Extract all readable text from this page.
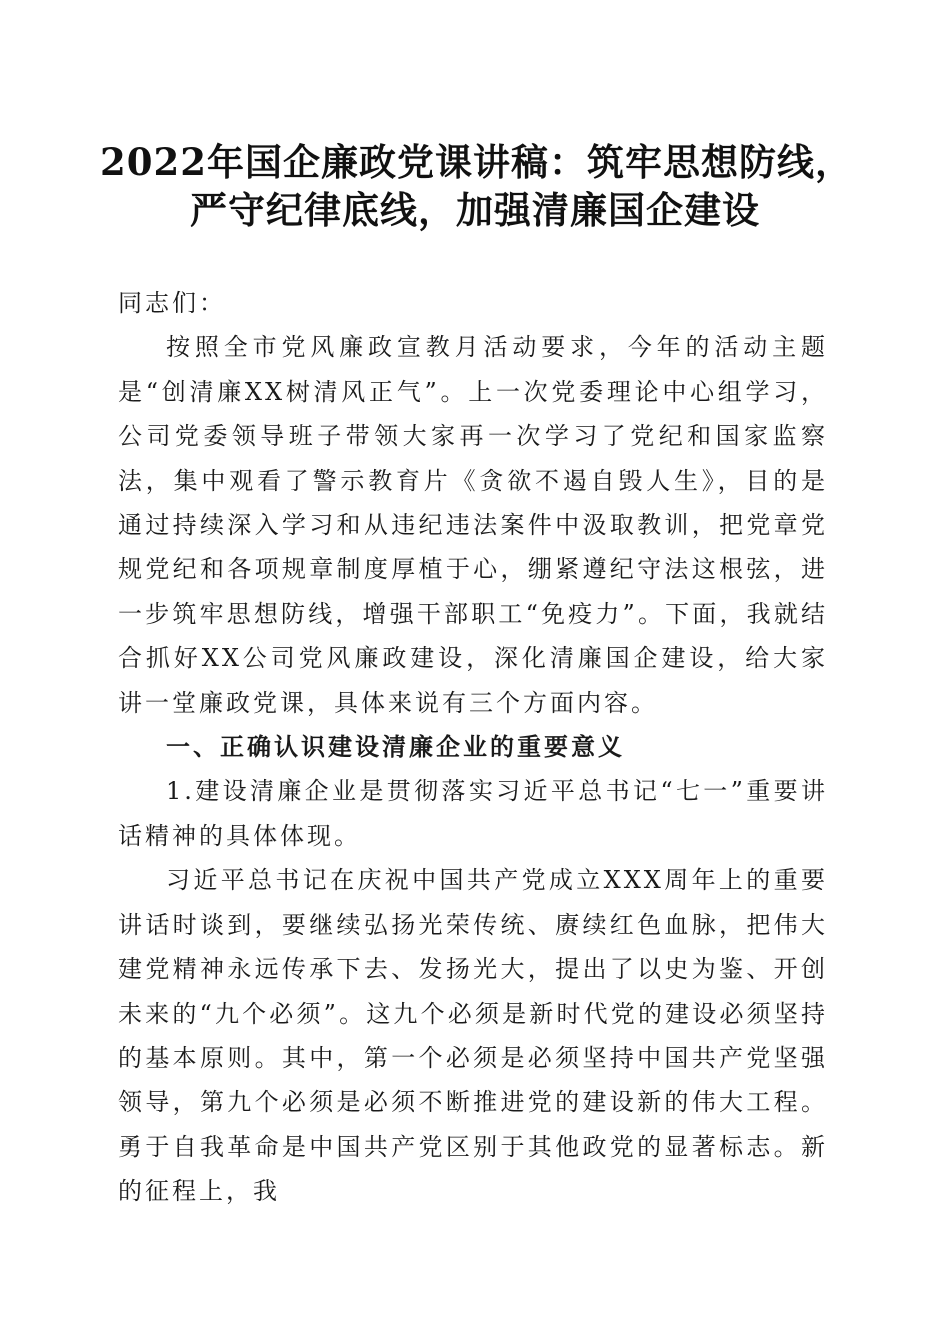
2022年国企廉政党课讲稿：筑牢思想防线，
严守纪律底线，加强清廉国企建设

同志们：

按照全市党风廉政宣教月活动要求，今年的活动主题是“创清廉XX树清风正气”。上一次党委理论中心组学习，公司党委领导班子带领大家再一次学习了党纪和国家监察法，集中观看了警示教育片《贪欲不遏自毁人生》，目的是通过持续深入学习和从违纪违法案件中汲取教训，把党章党规党纪和各项规章制度厚植于心，绷紧遵纪守法这根弦，进一步筑牢思想防线，增强干部职工“免疫力”。下面，我就结合抓好XX公司党风廉政建设，深化清廉国企建设，给大家讲一堂廉政党课，具体来说有三个方面内容。

一、正确认识建设清廉企业的重要意义

1.建设清廉企业是贯彻落实习近平总书记“七一”重要讲话精神的具体体现。

习近平总书记在庆祝中国共产党成立XXX周年上的重要讲话时谈到，要继续弘扬光荣传统、赓续红色血脉，把伟大建党精神永远传承下去、发扬光大，提出了以史为鉴、开创未来的“九个必须”。这九个必须是新时代党的建设必须坚持的基本原则。其中，第一个必须是必须坚持中国共产党坚强领导，第九个必须是必须不断推进党的建设新的伟大工程。勇于自我革命是中国共产党区别于其他政党的显著标志。新的征程上，我
